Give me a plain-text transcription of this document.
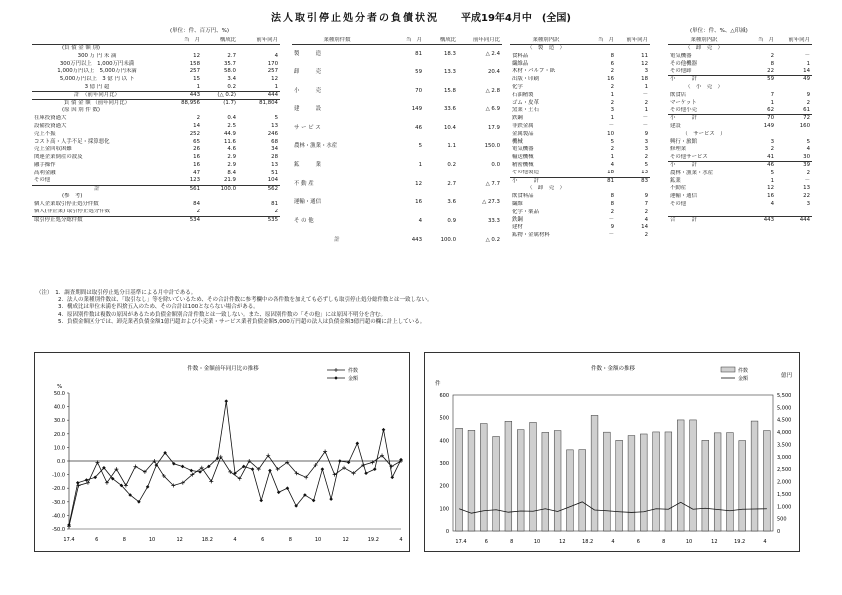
法人取引停止処分者の負債状況 平成19年4月中　(全国)
(単位：件、百万円、%)	(単位：件、%、△印減)
	当　月	構成比	前年同月
(負 債 金 額 別)			
300 万 円 未 満	12	2.7	4
300万円以上　1,000万円未満	158	35.7	170
1,000万円以上　5,000万円未満	257	58.0	257
5,000万円以上　3 億 円 以 下	15	3.4	12
3 億 円 超	1	0.2	1
計　（前年同月比）	443	(△ 0.2)	444
負 債 金 額 （前年同月比）	88,956	(1.7)	81,804
(原 因 別 件 数)			
在庫投資過大	2	0.4	5
設備投資過大	14	2.5	13
売上不振	252	44.9	246
コスト高・人手不足・採算悪化	65	11.6	68
売上金回収困難	26	4.6	34
関連企業倒産の波及	16	2.9	28
融手操作	16	2.9	13
高利金融	47	8.4	51
その他	123	21.9	104
計	561	100.0	562
(参　考)			
個人企業取引停止処分件数	84		81
個人(非企業) 取引停止処分件数	2		2
取引停止処分総件数	534		535
業種別件数	当　月	構成比	前年同月比
製　　　造	81	18.3	△ 2.4
卸　　　売	59	13.3	20.4
小　　　売	70	15.8	△ 2.8
建　　　設	149	33.6	△ 6.9
サ ー ビ ス	46	10.4	17.9
農林・漁業・水産	5	1.1	150.0
鉱　　　業	1	0.2	0.0
不 動 産	12	2.7	△ 7.7
運輸・通信	16	3.6	△ 27.3
そ の 他	4	0.9	33.3
計	443	100.0	△ 0.2
業種別内訳	当　月	前年同月
（　製　造　）		
食料品	8	11
繊維品	6	12
木材・パルプ・紙	2	3
出版・印刷	16	18
化学	2	1
石油精製	1	－
ゴム・皮革	2	2
窯業・土石	3	1
鉄鋼	1	－
非鉄金属	－	－
金属製品	10	9
機械	5	3
電気機器	2	3
輸送機械	1	2
精密機械	4	5
その他製造	18	13
小　　　計	81	83
（　卸　売　）		
飲食料品	8	9
繊維	8	7
化学・薬品	2	2
鉄鋼	－	4
建材	9	14
鉱物・金属材料	－	2
業種別内訳	当　月	前年同月
（　卸　売　）		
電気機器	2	－
その他機器	8	1
その他卸	22	14
小　　　計	59	49
（　小　売　）		
飲食店	7	9
マーケット	1	2
その他小売	62	61
小　　　計	70	72
建設	149	160
（　サービス　）		
興行・旅館	3	5
修理業	2	4
その他サービス	41	30
小　　　計	46	39
農林・漁業・水産	5	2
鉱業	1	－
不動産	12	13
運輸・通信	16	22
その他	4	3

合　　　計	443	444
（注）　1．調査期間は取引停止処分日基準による月中計である。
　　　　2．法人の業種別件数は、「取引なし」等を除いているため、その合計件数に参考欄中の各件数を加えても必ずしも取引停止処分総件数とは一致しない。
　　　　3．構成比は単位未満を四捨五入のため、その合計は100とならない場合がある。
　　　　4．原因別件数は複数の原因があるため負債金額別合計件数とは一致しない。また、原因別件数の「その他」には原因不明分を含む。
　　　　5．負債金額区分では、卸売業者負債金額1億円超および小売業・サービス業者負債金額5,000万円超の法人は負債金額3億円超の欄に計上している。
件数・金額前年同月比の推移
%
50.0
40.0
30.0
20.0
10.0
0.0
-10.0
-20.0
-30.0
-40.0
-50.0
17.4	6	8	10	12	18.2	4	6	8	10	12	19.2	4
件数
金額
件数・金額の推移
件
億円
600
500
400
300
200
100
0
5,500
5,000
4,500
4,000
3,500
3,000
2,500
2,000
1,500
1,000
500
0
17.4	6	8	10	12	18.2	4	6	8	10	12	19.2	4
件数
金額
